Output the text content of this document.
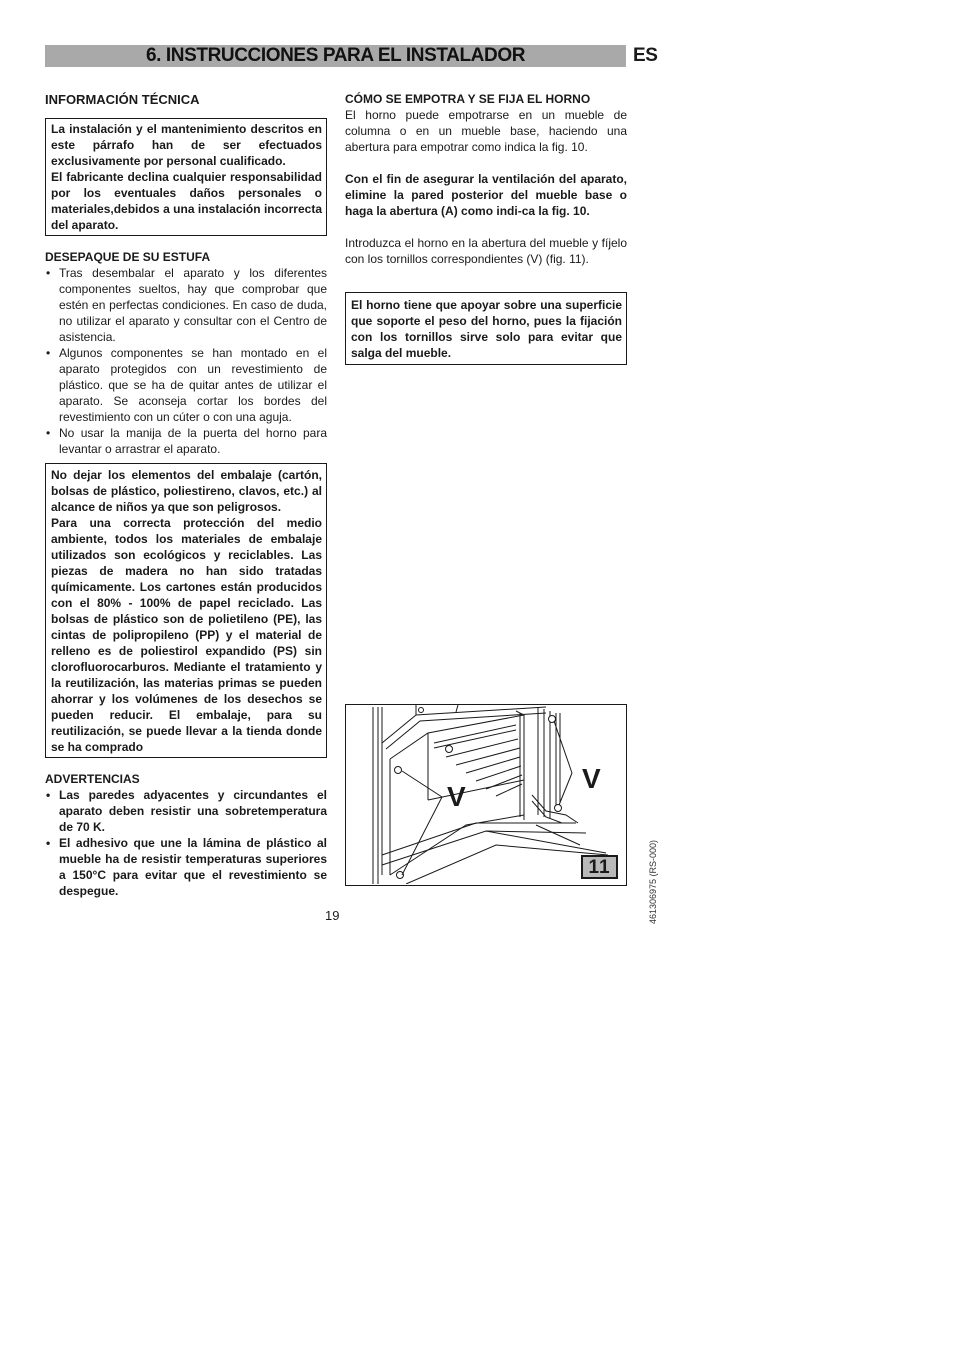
6. INSTRUCCIONES PARA EL INSTALADOR	ES
INFORMACIÓN TÉCNICA

La instalación y el mantenimiento descritos en este párrafo han de ser efectuados exclusivamente por personal cualificado.

El fabricante declina cualquier responsabilidad por los eventuales daños personales o materiales,debidos a una instalación incorrecta del aparato.

DESEPAQUE DE SU ESTUFA
• Tras desembalar el aparato y los diferentes componentes sueltos, hay que comprobar que estén en perfectas condiciones. En caso de duda, no utilizar el aparato y consultar con el Centro de asistencia.
• Algunos componentes se han montado en el aparato protegidos con un revestimiento de plástico. que se ha de quitar antes de utilizar el aparato. Se aconseja cortar los bordes del revestimiento con un cúter o con una aguja.
• No usar la manija de la puerta del horno para levantar o arrastrar el aparato.

No dejar los elementos del embalaje (cartón, bolsas de plástico, poliestireno, clavos, etc.) al alcance de niños ya que son peligrosos.

Para una correcta protección del medio ambiente, todos los materiales de embalaje utilizados son ecológicos y reciclables. Las piezas de madera no han sido tratadas químicamente. Los cartones están producidos con el 80% - 100% de papel reciclado. Las bolsas de plástico son de polietileno (PE), las cintas de polipropileno (PP) y el material de relleno es de poliestirol expandido (PS) sin clorofluorocarburos. Mediante el tratamiento y la reutilización, las materias primas se pueden ahorrar y los volúmenes de los desechos se pueden reducir. El embalaje, para su reutilización, se puede llevar a la tienda donde se ha comprado

ADVERTENCIAS
• Las paredes adyacentes y circundantes el aparato deben resistir una sobretemperatura de 70 K.
• El adhesivo que une la lámina de plástico al mueble ha de resistir temperaturas superiores a 150°C para evitar que el revestimiento se despegue.
CÓMO SE EMPOTRA Y SE FIJA EL HORNO

El horno puede empotrarse en un mueble de columna o en un mueble base, haciendo una abertura para empotrar como indica la fig. 10.

Con el fin de asegurar la ventilación del aparato, elimine la pared posterior del mueble base o haga la abertura (A) como indi-ca la fig. 10.

Introduzca el horno en la abertura del mueble y fíjelo con los tornillos correspondientes (V) (fig. 11).

El horno tiene que apoyar sobre una superficie que soporte el peso del horno, pues la fijación con los tornillos sirve solo para evitar que salga del mueble.

V
V
11
19	461306975 (RS-000)
